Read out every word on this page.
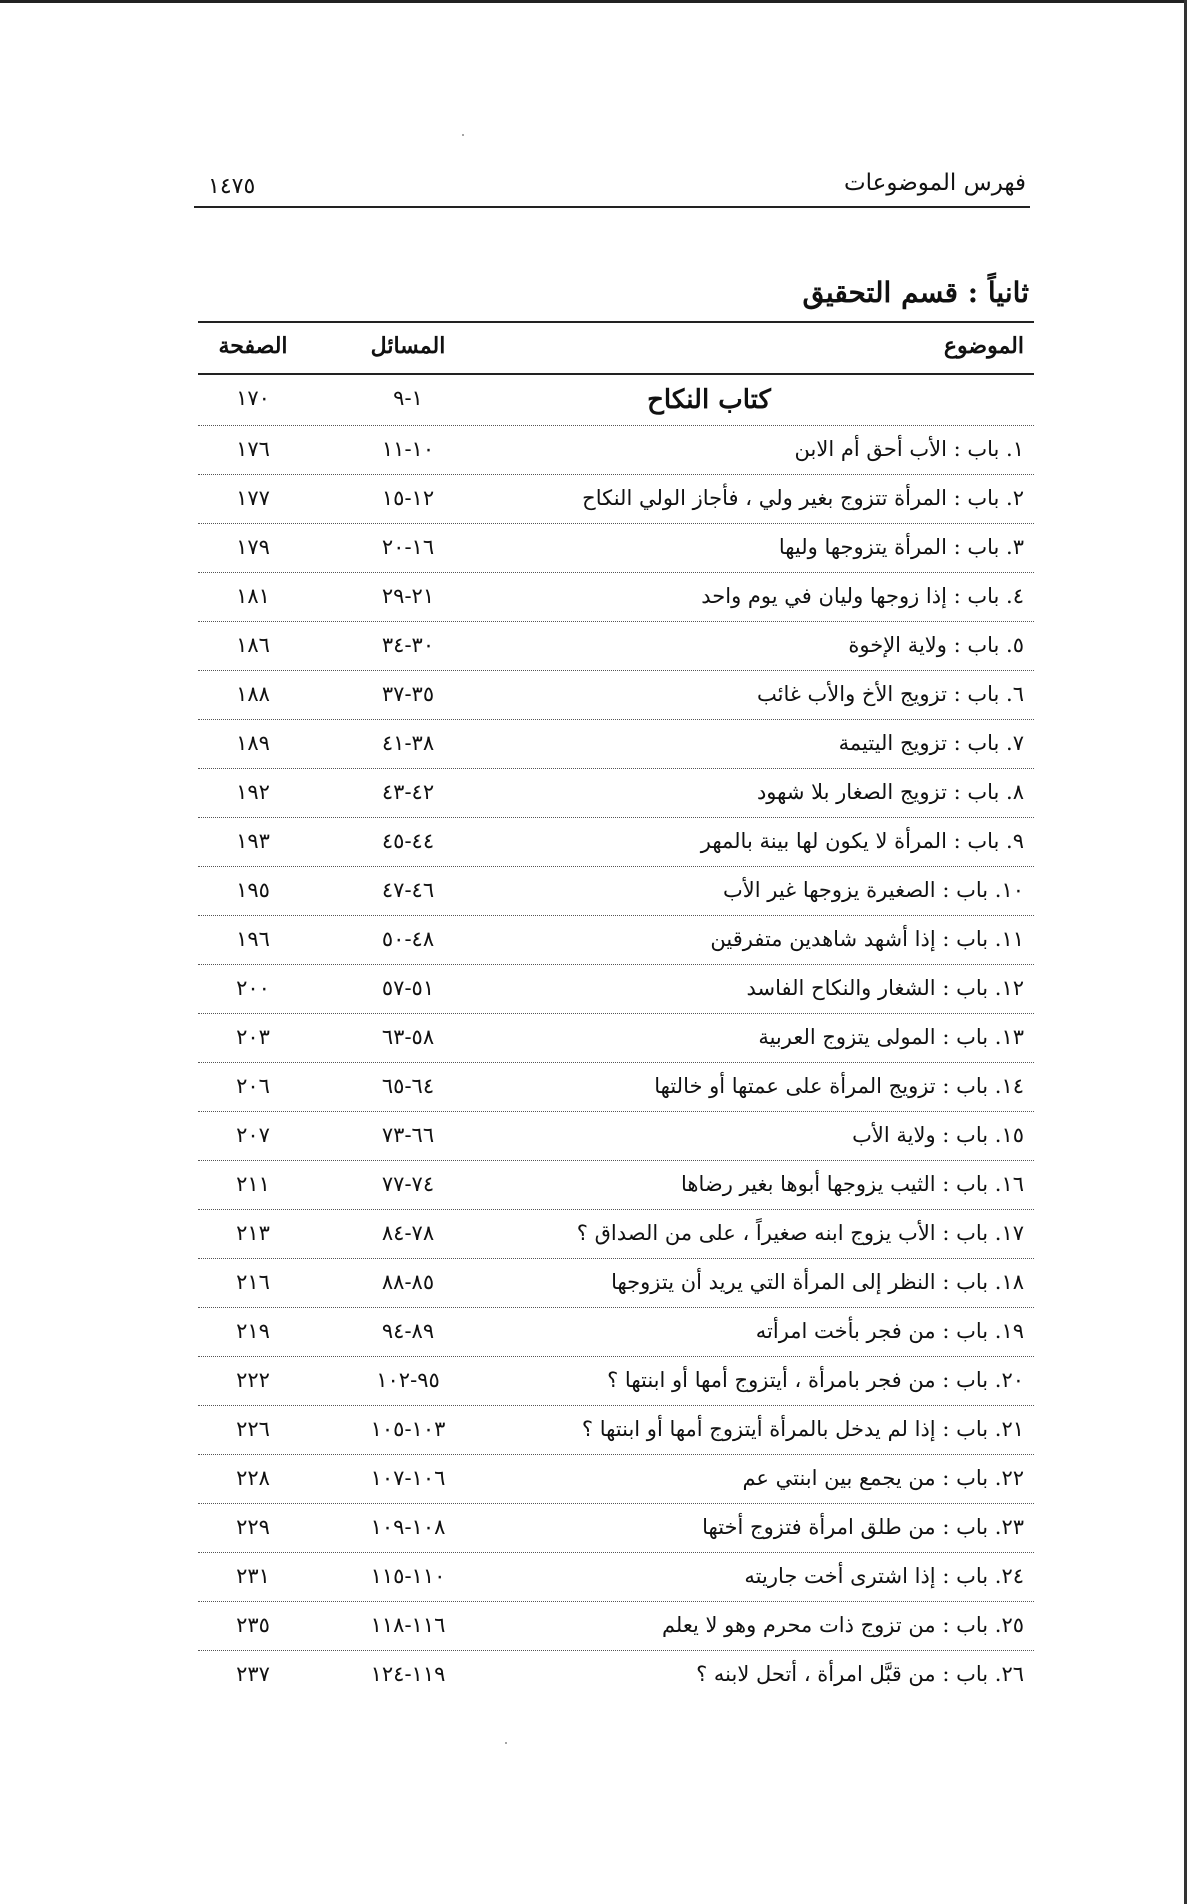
فهرس الموضوعات
١٤٧٥
ثانياً : قسم التحقيق
الصفحة	المسائل	الموضوع
١٧٠	١-٩	كتاب النكاح
١٧٦	١٠-١١	١. باب : الأب أحق أم الابن
١٧٧	١٢-١٥	٢. باب : المرأة تتزوج بغير ولي ، فأجاز الولي النكاح
١٧٩	١٦-٢٠	٣. باب : المرأة يتزوجها وليها
١٨١	٢١-٢٩	٤. باب : إذا زوجها وليان في يوم واحد
١٨٦	٣٠-٣٤	٥. باب : ولاية الإخوة
١٨٨	٣٥-٣٧	٦. باب : تزويج الأخ والأب غائب
١٨٩	٣٨-٤١	٧. باب : تزويج اليتيمة
١٩٢	٤٢-٤٣	٨. باب : تزويج الصغار بلا شهود
١٩٣	٤٤-٤٥	٩. باب : المرأة لا يكون لها بينة بالمهر
١٩٥	٤٦-٤٧	١٠. باب : الصغيرة يزوجها غير الأب
١٩٦	٤٨-٥٠	١١. باب : إذا أشهد شاهدين متفرقين
٢٠٠	٥١-٥٧	١٢. باب : الشغار والنكاح الفاسد
٢٠٣	٥٨-٦٣	١٣. باب : المولى يتزوج العربية
٢٠٦	٦٤-٦٥	١٤. باب : تزويج المرأة على عمتها أو خالتها
٢٠٧	٦٦-٧٣	١٥. باب : ولاية الأب
٢١١	٧٤-٧٧	١٦. باب : الثيب يزوجها أبوها بغير رضاها
٢١٣	٧٨-٨٤	١٧. باب : الأب يزوج ابنه صغيراً ، على من الصداق ؟
٢١٦	٨٥-٨٨	١٨. باب : النظر إلى المرأة التي يريد أن يتزوجها
٢١٩	٨٩-٩٤	١٩. باب : من فجر بأخت امرأته
٢٢٢	٩٥-١٠٢	٢٠. باب : من فجر بامرأة ، أيتزوج أمها أو ابنتها ؟
٢٢٦	١٠٣-١٠٥	٢١. باب : إذا لم يدخل بالمرأة أيتزوج أمها أو ابنتها ؟
٢٢٨	١٠٦-١٠٧	٢٢. باب : من يجمع بين ابنتي عم
٢٢٩	١٠٨-١٠٩	٢٣. باب : من طلق امرأة فتزوج أختها
٢٣١	١١٠-١١٥	٢٤. باب : إذا اشترى أخت جاريته
٢٣٥	١١٦-١١٨	٢٥. باب : من تزوج ذات محرم وهو لا يعلم
٢٣٧	١١٩-١٢٤	٢٦. باب : من قبَّل امرأة ، أتحل لابنه ؟
